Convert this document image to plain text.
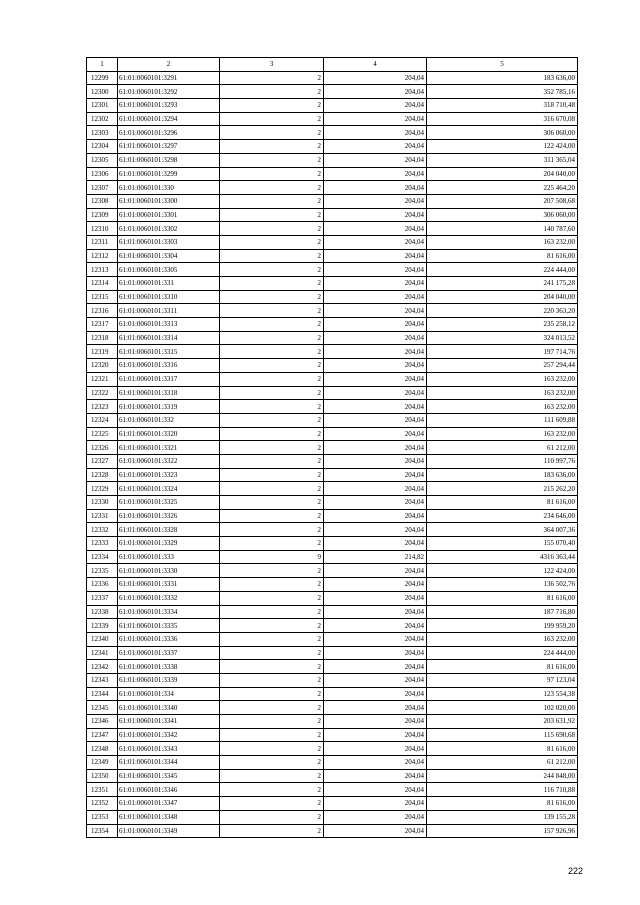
1	2	3	4	5
12299	61:01:0060101:3291	2	204,04	183 636,00
12300	61:01:0060101:3292	2	204,04	352 785,16
12301	61:01:0060101:3293	2	204,04	318 710,48
12302	61:01:0060101:3294	2	204,04	316 670,08
12303	61:01:0060101:3296	2	204,04	306 060,00
12304	61:01:0060101:3297	2	204,04	122 424,00
12305	61:01:0060101:3298	2	204,04	311 365,04
12306	61:01:0060101:3299	2	204,04	204 040,00
12307	61:01:0060101:330	2	204,04	225 464,20
12308	61:01:0060101:3300	2	204,04	207 508,68
12309	61:01:0060101:3301	2	204,04	306 060,00
12310	61:01:0060101:3302	2	204,04	140 787,60
12311	61:01:0060101:3303	2	204,04	163 232,00
12312	61:01:0060101:3304	2	204,04	81 616,00
12313	61:01:0060101:3305	2	204,04	224 444,00
12314	61:01:0060101:331	2	204,04	241 175,28
12315	61:01:0060101:3310	2	204,04	204 040,00
12316	61:01:0060101:3311	2	204,04	220 363,20
12317	61:01:0060101:3313	2	204,04	235 258,12
12318	61:01:0060101:3314	2	204,04	324 013,52
12319	61:01:0060101:3315	2	204,04	197 714,76
12320	61:01:0060101:3316	2	204,04	257 294,44
12321	61:01:0060101:3317	2	204,04	163 232,00
12322	61:01:0060101:3318	2	204,04	163 232,00
12323	61:01:0060101:3319	2	204,04	163 232,00
12324	61:01:0060101:332	2	204,04	111 609,88
12325	61:01:0060101:3320	2	204,04	163 232,00
12326	61:01:0060101:3321	2	204,04	61 212,00
12327	61:01:0060101:3322	2	204,04	110 997,76
12328	61:01:0060101:3323	2	204,04	183 636,00
12329	61:01:0060101:3324	2	204,04	215 262,20
12330	61:01:0060101:3325	2	204,04	81 616,00
12331	61:01:0060101:3326	2	204,04	234 646,00
12332	61:01:0060101:3328	2	204,04	364 007,36
12333	61:01:0060101:3329	2	204,04	155 070,40
12334	61:01:0060101:333	9	214,82	4316 363,44
12335	61:01:0060101:3330	2	204,04	122 424,00
12336	61:01:0060101:3331	2	204,04	136 502,76
12337	61:01:0060101:3332	2	204,04	81 616,00
12338	61:01:0060101:3334	2	204,04	187 716,80
12339	61:01:0060101:3335	2	204,04	199 959,20
12340	61:01:0060101:3336	2	204,04	163 232,00
12341	61:01:0060101:3337	2	204,04	224 444,00
12342	61:01:0060101:3338	2	204,04	81 616,00
12343	61:01:0060101:3339	2	204,04	97 123,04
12344	61:01:0060101:334	2	204,04	123 554,38
12345	61:01:0060101:3340	2	204,04	102 020,00
12346	61:01:0060101:3341	2	204,04	203 631,92
12347	61:01:0060101:3342	2	204,04	115 690,68
12348	61:01:0060101:3343	2	204,04	81 616,00
12349	61:01:0060101:3344	2	204,04	61 212,00
12350	61:01:0060101:3345	2	204,04	244 848,00
12351	61:01:0060101:3346	2	204,04	116 710,88
12352	61:01:0060101:3347	2	204,04	81 616,00
12353	61:01:0060101:3348	2	204,04	139 155,28
12354	61:01:0060101:3349	2	204,04	157 926,96
222
